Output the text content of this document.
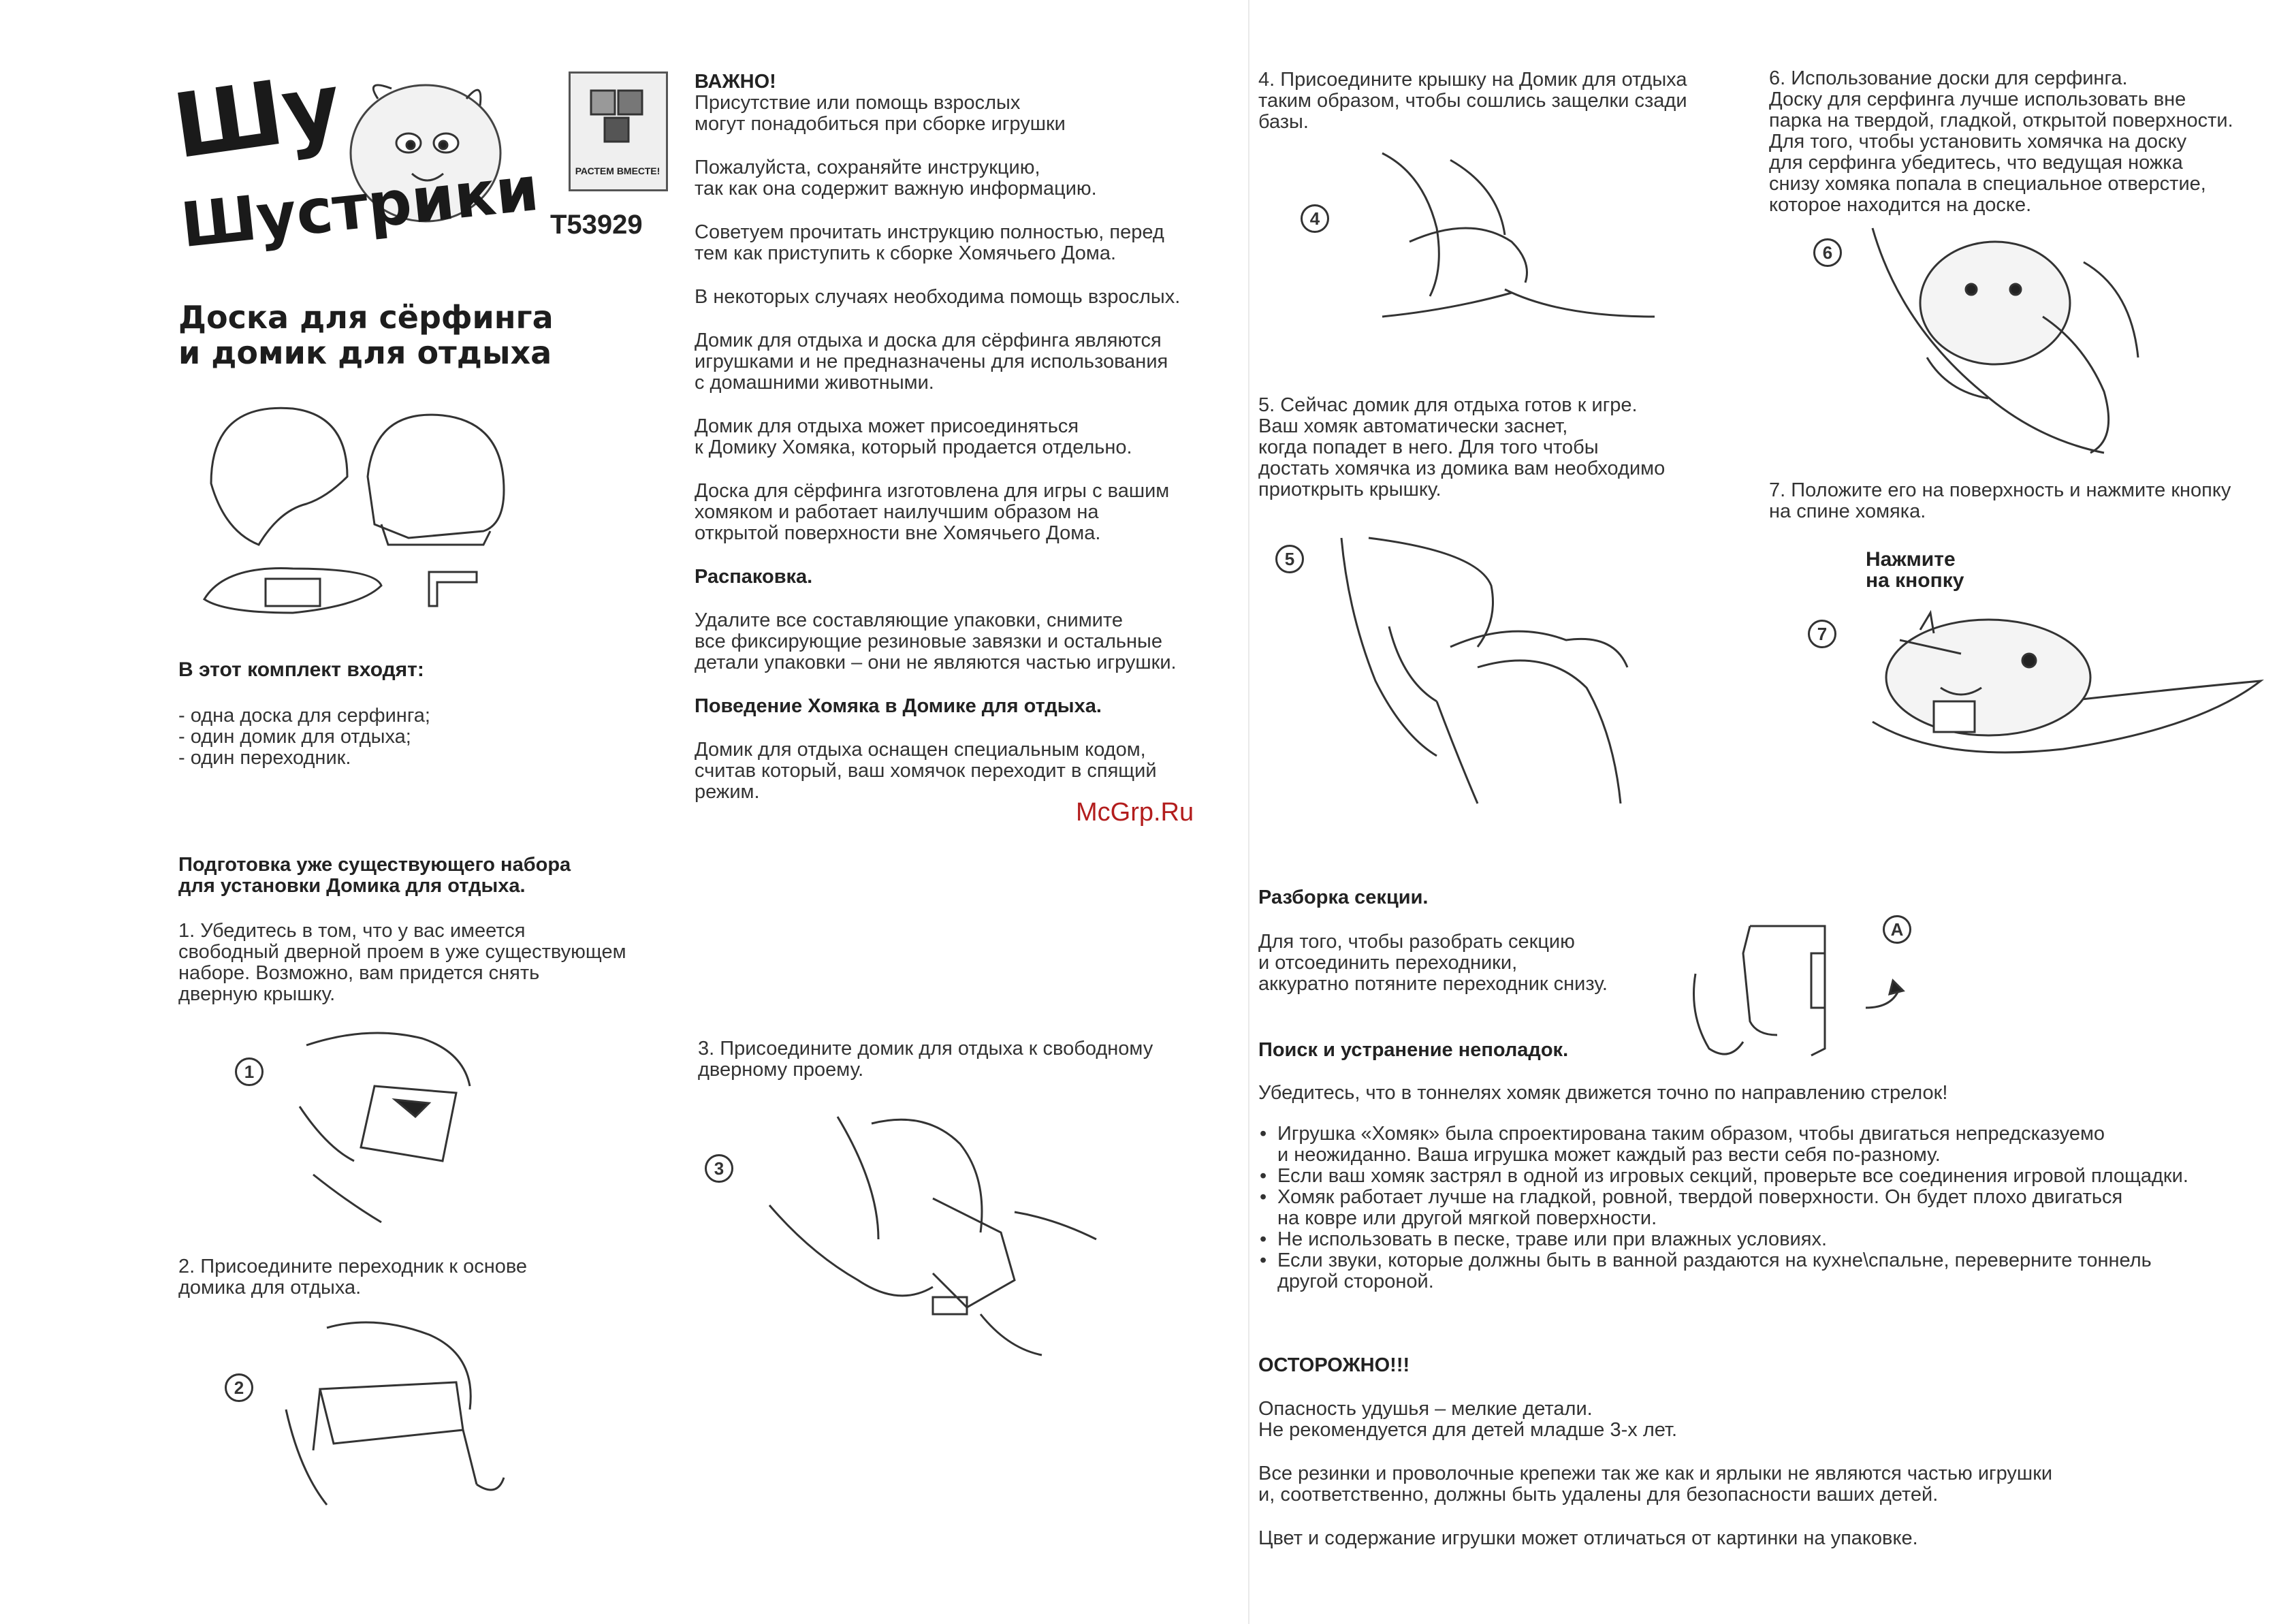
Шу
Шустрики	РАСТЕМ ВМЕСТЕ!
T53929
Доска для сёрфинга
и домик для отдыха
В этот комплект входят:
- одна доска для серфинга;
- один домик для отдыха;
- один переходник.
Подготовка уже существующего набора
для установки Домика для отдыха.
1. Убедитесь в том, что у вас имеется
свободный дверной проем в уже существующем
наборе. Возможно, вам придется снять
дверную крышку.
1
2. Присоедините переходник к основе
домика для отдыха.
2
ВАЖНО!
Присутствие или помощь взрослых
могут понадобиться при сборке игрушки
Пожалуйста, сохраняйте инструкцию,
так как она содержит важную информацию.
Советуем прочитать инструкцию полностью, перед
тем как приступить к сборке Хомячьего Дома.
В некоторых случаях необходима помощь взрослых.
Домик для отдыха и доска для сёрфинга являются
игрушками и не предназначены для использования
с домашними животными.
Домик для отдыха может присоединяться
к Домику Хомяка, который продается отдельно.
Доска для сёрфинга изготовлена для игры с вашим
хомяком и работает наилучшим образом на
открытой поверхности вне Хомячьего Дома.
Распаковка.
Удалите все составляющие упаковки, снимите
все фиксирующие резиновые завязки и остальные
детали упаковки – они не являются частью игрушки.
Поведение Хомяка в Домике для отдыха.
Домик для отдыха оснащен специальным кодом,
считав который, ваш хомячок переходит в спящий
режим.
McGrp.Ru
3. Присоедините домик для отдыха к свободному
дверному проему.
3
4. Присоедините крышку на Домик для отдыха
таким образом, чтобы сошлись защелки сзади
базы.
4
5. Сейчас домик для отдыха готов к игре.
Ваш хомяк автоматически заснет,
когда попадет в него. Для того чтобы
достать хомячка из домика вам необходимо
приоткрыть крышку.
5
6. Использование доски для серфинга.
Доску для серфинга лучше использовать вне
парка на твердой, гладкой, открытой поверхности.
Для того, чтобы установить хомячка на доску
для серфинга убедитесь, что ведущая ножка
снизу хомяка попала в специальное отверстие,
которое находится на доске.
6
7. Положите его на поверхность и нажмите кнопку
на спине хомяка.
Нажмите
на кнопку
7
Разборка секции.
Для того, чтобы разобрать секцию
и отсоединить переходники,
аккуратно потяните переходник снизу.
A
Поиск и устранение неполадок.
Убедитесь, что в тоннелях хомяк движется точно по направлению стрелок!
• Игрушка «Хомяк» была спроектирована таким образом, чтобы двигаться непредсказуемо
и неожиданно. Ваша игрушка может каждый раз вести себя по-разному.
• Если ваш хомяк застрял в одной из игровых секций, проверьте все соединения игровой площадки.
• Хомяк работает лучше на гладкой, ровной, твердой поверхности. Он будет плохо двигаться
на ковре или другой мягкой поверхности.
• Не использовать в песке, траве или при влажных условиях.
• Если звуки, которые должны быть в ванной раздаются на кухне\спальне, переверните тоннель
другой стороной.
ОСТОРОЖНО!!!
Опасность удушья – мелкие детали.
Не рекомендуется для детей младше 3-х лет.
Все резинки и проволочные крепежи так же как и ярлыки не являются частью игрушки
и, соответственно, должны быть удалены для безопасности ваших детей.
Цвет и содержание игрушки может отличаться от картинки на упаковке.
